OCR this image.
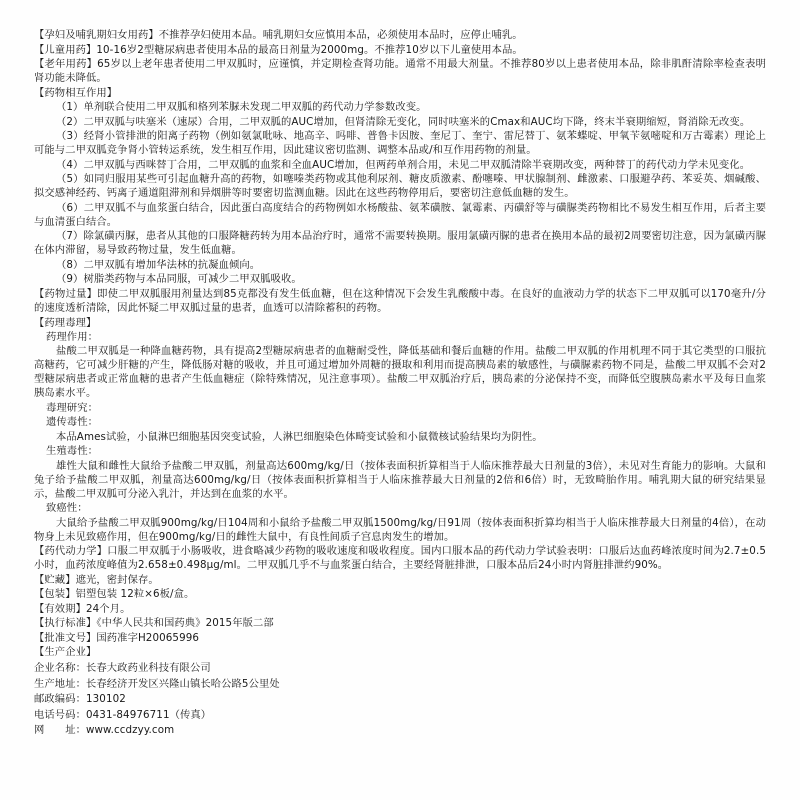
【孕妇及哺乳期妇女用药】不推荐孕妇使用本品。哺乳期妇女应慎用本品，必须使用本品时，应停止哺乳。
【儿童用药】10-16岁2型糖尿病患者使用本品的最高日剂量为2000mg。不推荐10岁以下儿童使用本品。
【老年用药】65岁以上老年患者使用二甲双胍时，应谨慎，并定期检查肾功能。通常不用最大剂量。不推荐80岁以上患者使用本品，除非肌酐清除率检查表明肾功能未降低。
【药物相互作用】
（1）单剂联合使用二甲双胍和格列苯脲未发现二甲双胍的药代动力学参数改变。
（2）二甲双胍与呋塞米（速尿）合用，二甲双胍的AUC增加，但肾清除无变化，同时呋塞米的Cmax和AUC均下降，终末半衰期缩短，肾消除无改变。
（3）经肾小管排泄的阳离子药物（例如氨氯吡咏、地高辛、吗啡、普鲁卡因胺、奎尼丁、奎宁、雷尼替丁、氨苯蝶啶、甲氧苄氨嘧啶和万古霉素）理论上可能与二甲双胍竞争肾小管转运系统，发生相互作用，因此建议密切监测、调整本品或/和互作用药物的剂量。
（4）二甲双胍与西咪替丁合用，二甲双胍的血浆和全血AUC增加，但两药单剂合用，未见二甲双胍清除半衰期改变，两种替丁的药代动力学未见变化。
（5）如同归服用某些可引起血糖升高的药物，如噻嗪类药物或其他利尿剂、糖皮质激素、酚噻嗪、甲状腺制剂、雌激素、口服避孕药、苯妥英、烟碱酸、拟交感神经药、钙离子通道阻滞剂和异烟肼等时要密切监测血糖。因此在这些药物停用后，要密切注意低血糖的发生。
（6）二甲双胍不与血浆蛋白结合，因此蛋白高度结合的药物例如水杨酸盐、氨苯磺胺、氯霉素、丙磺舒等与磺脲类药物相比不易发生相互作用，后者主要与血清蛋白结合。
（7）除氯磺丙脲，患者从其他的口服降糖药转为用本品治疗时，通常不需要转换期。服用氯磺丙脲的患者在换用本品的最初2周要密切注意，因为氯磺丙脲在体内滞留，易导致药物过量，发生低血糖。
（8）二甲双胍有增加华法林的抗凝血倾向。
（9）树脂类药物与本品同服，可减少二甲双胍吸收。
【药物过量】即使二甲双胍服用剂量达到85克都没有发生低血糖，但在这种情况下会发生乳酸酸中毒。在良好的血液动力学的状态下二甲双胍可以170毫升/分的速度透析清除，因此怀疑二甲双胍过量的患者，血透可以清除蓄积的药物。
【药理毒理】
药理作用：
盐酸二甲双胍是一种降血糖药物，具有提高2型糖尿病患者的血糖耐受性，降低基础和餐后血糖的作用。盐酸二甲双胍的作用机理不同于其它类型的口服抗高糖药，它可减少肝糖的产生，降低肠对糖的吸收，并且可通过增加外周糖的摄取和利用而提高胰岛素的敏感性，与磺脲素药物不同是，盐酸二甲双胍不会对2型糖尿病患者或正常血糖的患者产生低血糖症（除特殊情况，见注意事项）。盐酸二甲双胍治疗后，胰岛素的分泌保持不变，而降低空腹胰岛素水平及每日血浆胰岛素水平。
毒理研究：
遗传毒性：
本品Ames试验，小鼠淋巴细胞基因突变试验，人淋巴细胞染色体畸变试验和小鼠微核试验结果均为阴性。
生殖毒性：
雄性大鼠和雌性大鼠给予盐酸二甲双胍，剂量高达600mg/kg/日（按体表面积折算相当于人临床推荐最大日剂量的3倍），未见对生育能力的影响。大鼠和兔子给予盐酸二甲双胍，剂量高达600mg/kg/日（按体表面积折算相当于人临床推荐最大日剂量的2倍和6倍）时，无致畸胎作用。哺乳期大鼠的研究结果显示，盐酸二甲双胍可分泌入乳汁，并达到在血浆的水平。
致癌性：
大鼠给予盐酸二甲双胍900mg/kg/日104周和小鼠给予盐酸二甲双胍1500mg/kg/日91周（按体表面积折算均相当于人临床推荐最大日剂量的4倍），在动物身上未见致癌作用，但在900mg/kg/日的雌性大鼠中，有良性间质子宫息肉发生的增加。
【药代动力学】口服二甲双胍于小肠吸收，进食略减少药物的吸收速度和吸收程度。国内口服本品的药代动力学试验表明：口服后达血药峰浓度时间为2.7±0.5小时，血药浓度峰值为2.658±0.498μg/ml。二甲双胍几乎不与血浆蛋白结合，主要经肾脏排泄，口服本品后24小时内肾脏排泄约90%。
【贮藏】遮光，密封保存。
【包装】铝塑包装 12粒×6板/盒。
【有效期】24个月。
【执行标准】《中华人民共和国药典》2015年版二部
【批准文号】国药准字H20065996
【生产企业】
企业名称：长春大政药业科技有限公司
生产地址：长春经济开发区兴隆山镇长哈公路5公里处
邮政编码：130102
电话号码：0431-84976711（传真）
网　　址：www.ccdzyy.com
